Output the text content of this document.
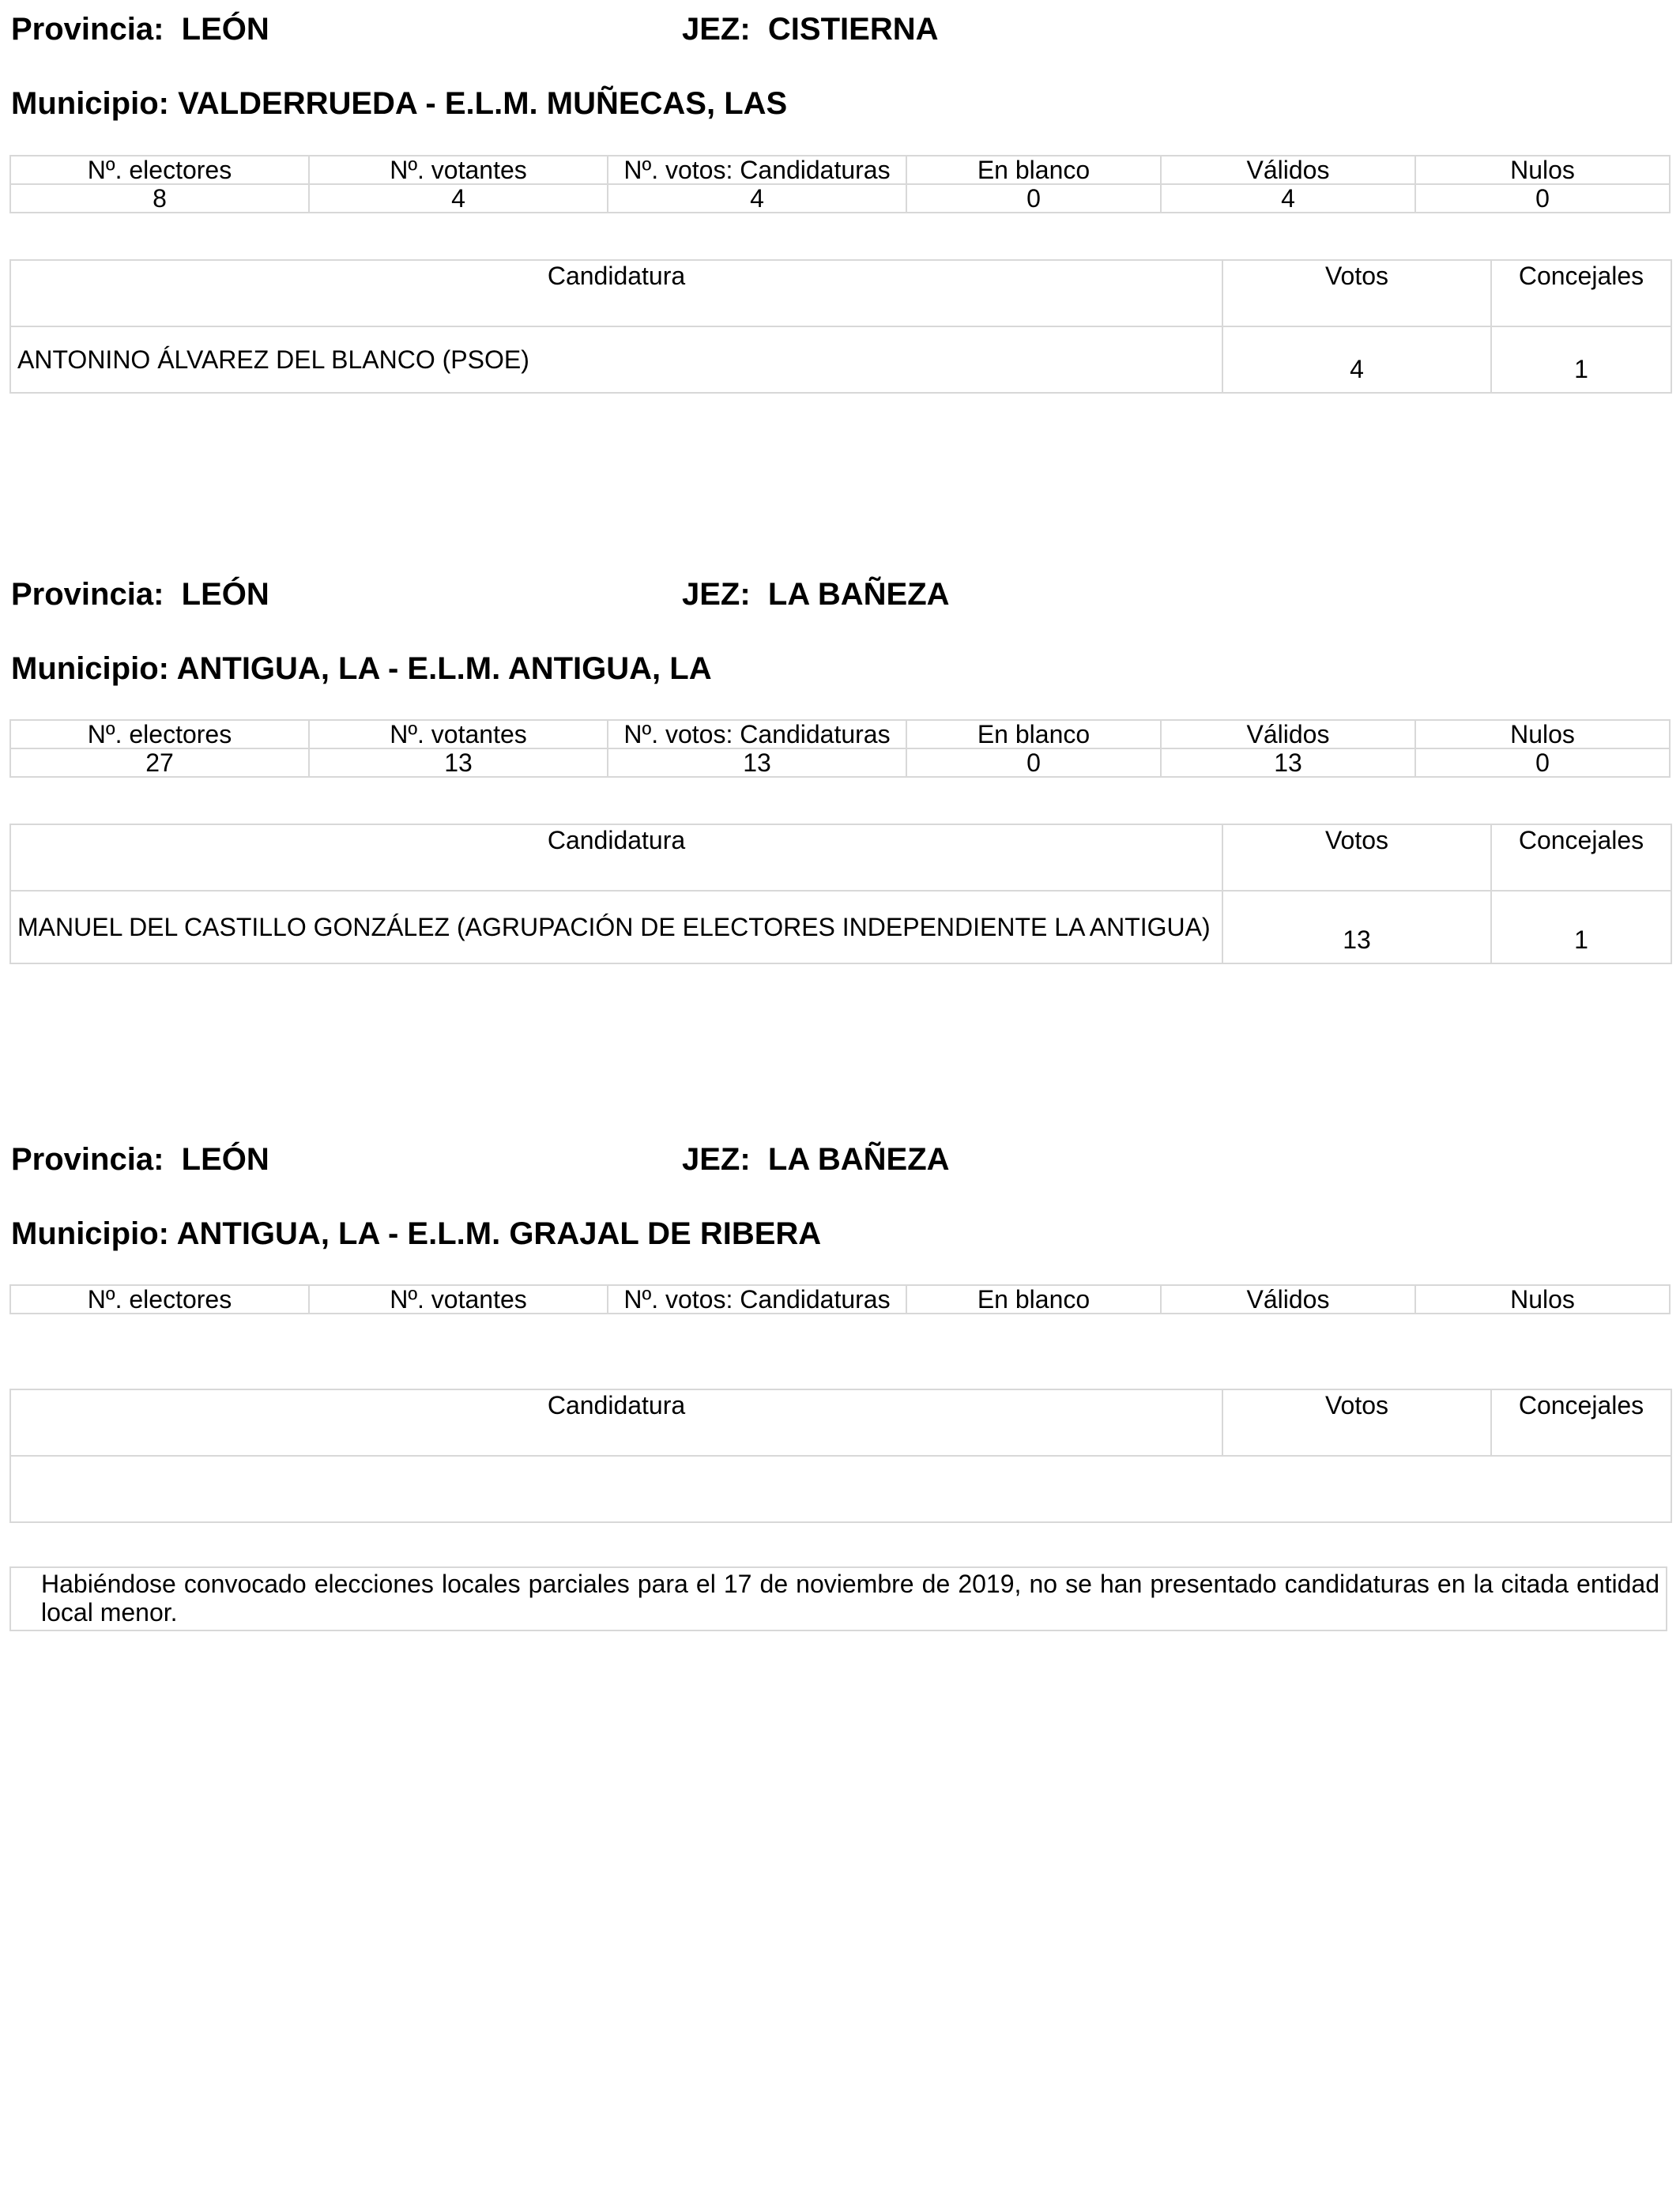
Provincia: LEÓN	JEZ: CISTIERNA
Municipio: VALDERRUEDA - E.L.M. MUÑECAS, LAS
Nº. electores	Nº. votantes	Nº. votos: Candidaturas	En blanco	Válidos	Nulos
8	4	4	0	4	0
Candidatura	Votos	Concejales
ANTONINO ÁLVAREZ DEL BLANCO (PSOE)	4	1
Provincia: LEÓN	JEZ: LA BAÑEZA
Municipio: ANTIGUA, LA - E.L.M. ANTIGUA, LA
Nº. electores	Nº. votantes	Nº. votos: Candidaturas	En blanco	Válidos	Nulos
27	13	13	0	13	0
Candidatura	Votos	Concejales
MANUEL DEL CASTILLO GONZÁLEZ (AGRUPACIÓN DE ELECTORES INDEPENDIENTE LA ANTIGUA)	13	1
Provincia: LEÓN	JEZ: LA BAÑEZA
Municipio: ANTIGUA, LA - E.L.M. GRAJAL DE RIBERA
Nº. electores	Nº. votantes	Nº. votos: Candidaturas	En blanco	Válidos	Nulos
Candidatura	Votos	Concejales

Habiéndose convocado elecciones locales parciales para el 17 de noviembre de 2019, no se han presentado candidaturas en la citada entidad local menor.
